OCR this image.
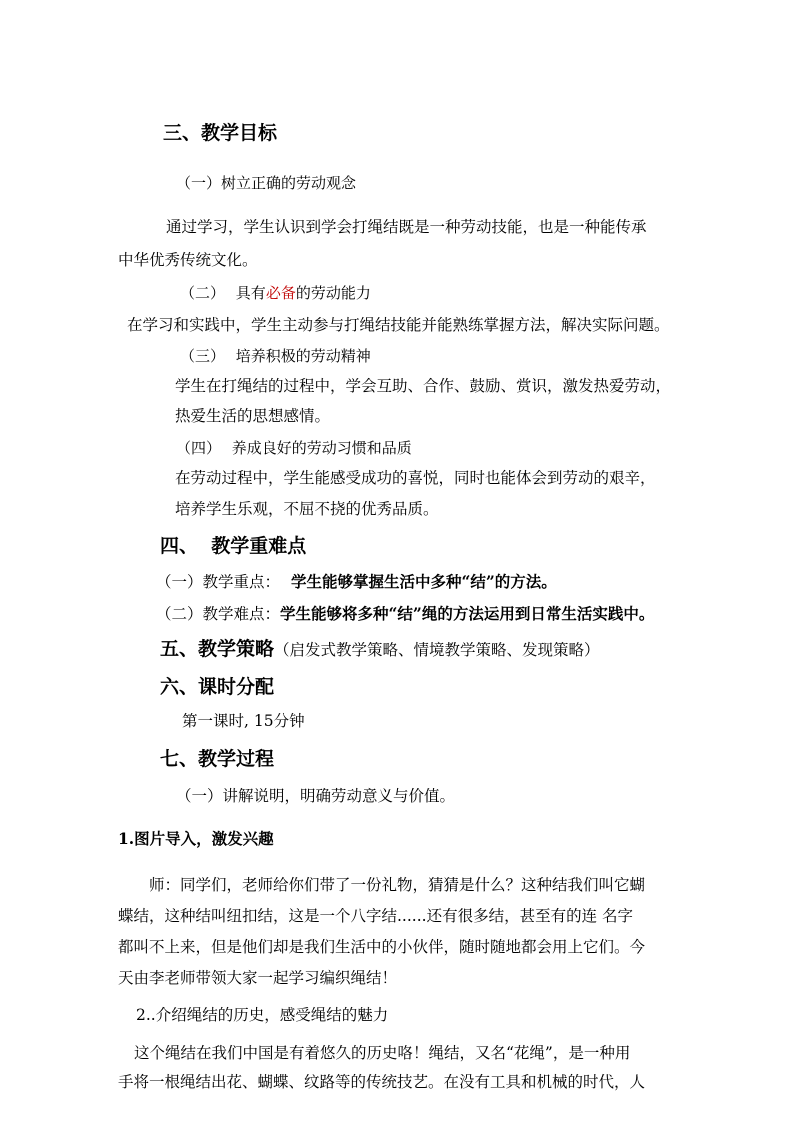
三、教学目标
（一）树立正确的劳动观念
通过学习，学生认识到学会打绳结既是一种劳动技能，也是一种能传承
中华优秀传统文化。
（二） 具有必备的劳动能力
在学习和实践中，学生主动参与打绳结技能并能熟练掌握方法，解决实际问题。
（三） 培养积极的劳动精神
学生在打绳结的过程中，学会互助、合作、鼓励、赏识，激发热爱劳动，
热爱生活的思想感情。
（四） 养成良好的劳动习惯和品质
在劳动过程中，学生能感受成功的喜悦，同时也能体会到劳动的艰辛，
培养学生乐观，不屈不挠的优秀品质。
四、  教学重难点
（一）教学重点： 学生能够掌握生活中多种“结”的方法。
（二）教学难点：学生能够将多种“结”绳的方法运用到日常生活实践中。
五、教学策略（启发式教学策略、情境教学策略、发现策略）
六、课时分配
第一课时, 15分钟
七、教学过程
（一）讲解说明，明确劳动意义与价值。
1.图片导入，激发兴趣
师：同学们，老师给你们带了一份礼物，猜猜是什么？这种结我们叫它蝴
蝶结，这种结叫纽扣结，这是一个八字结......还有很多结，甚至有的连 名字
都叫不上来，但是他们却是我们生活中的小伙伴，随时随地都会用上它们。今
天由李老师带领大家一起学习编织绳结！
2..介绍绳结的历史，感受绳结的魅力
这个绳结在我们中国是有着悠久的历史咯！绳结，又名“花绳”，是一种用
手将一根绳结出花、蝴蝶、纹路等的传统技艺。在没有工具和机械的时代，人
